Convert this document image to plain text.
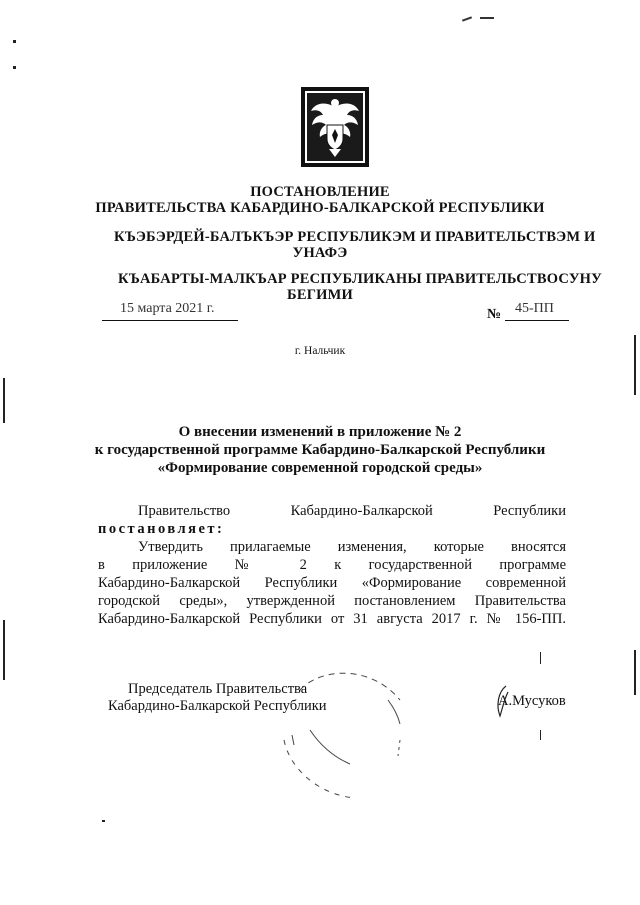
ПОСТАНОВЛЕНИЕ
ПРАВИТЕЛЬСТВА КАБАРДИНО-БАЛКАРСКОЙ РЕСПУБЛИКИ
КЪЭБЭРДЕЙ-БАЛЪКЪЭР РЕСПУБЛИКЭМ И ПРАВИТЕЛЬСТВЭМ И
УНАФЭ
КЪАБАРТЫ-МАЛКЪАР РЕСПУБЛИКАНЫ ПРАВИТЕЛЬСТВОСУНУ
БЕГИМИ
15 марта 2021 г.	№ 45-ПП
г. Нальчик
О внесении изменений в приложение № 2
к государственной программе Кабардино-Балкарской Республики
«Формирование современной городской среды»
Правительство Кабардино-Балкарской Республики
постановляет:
Утвердить прилагаемые изменения, которые вносятся
в приложение № 2 к государственной программе
Кабардино-Балкарской Республики «Формирование современной
городской среды», утвержденной постановлением Правительства
Кабардино-Балкарской Республики от 31 августа 2017 г. № 156-ПП.
Председатель Правительства
Кабардино-Балкарской Республики	А.Мусуков
